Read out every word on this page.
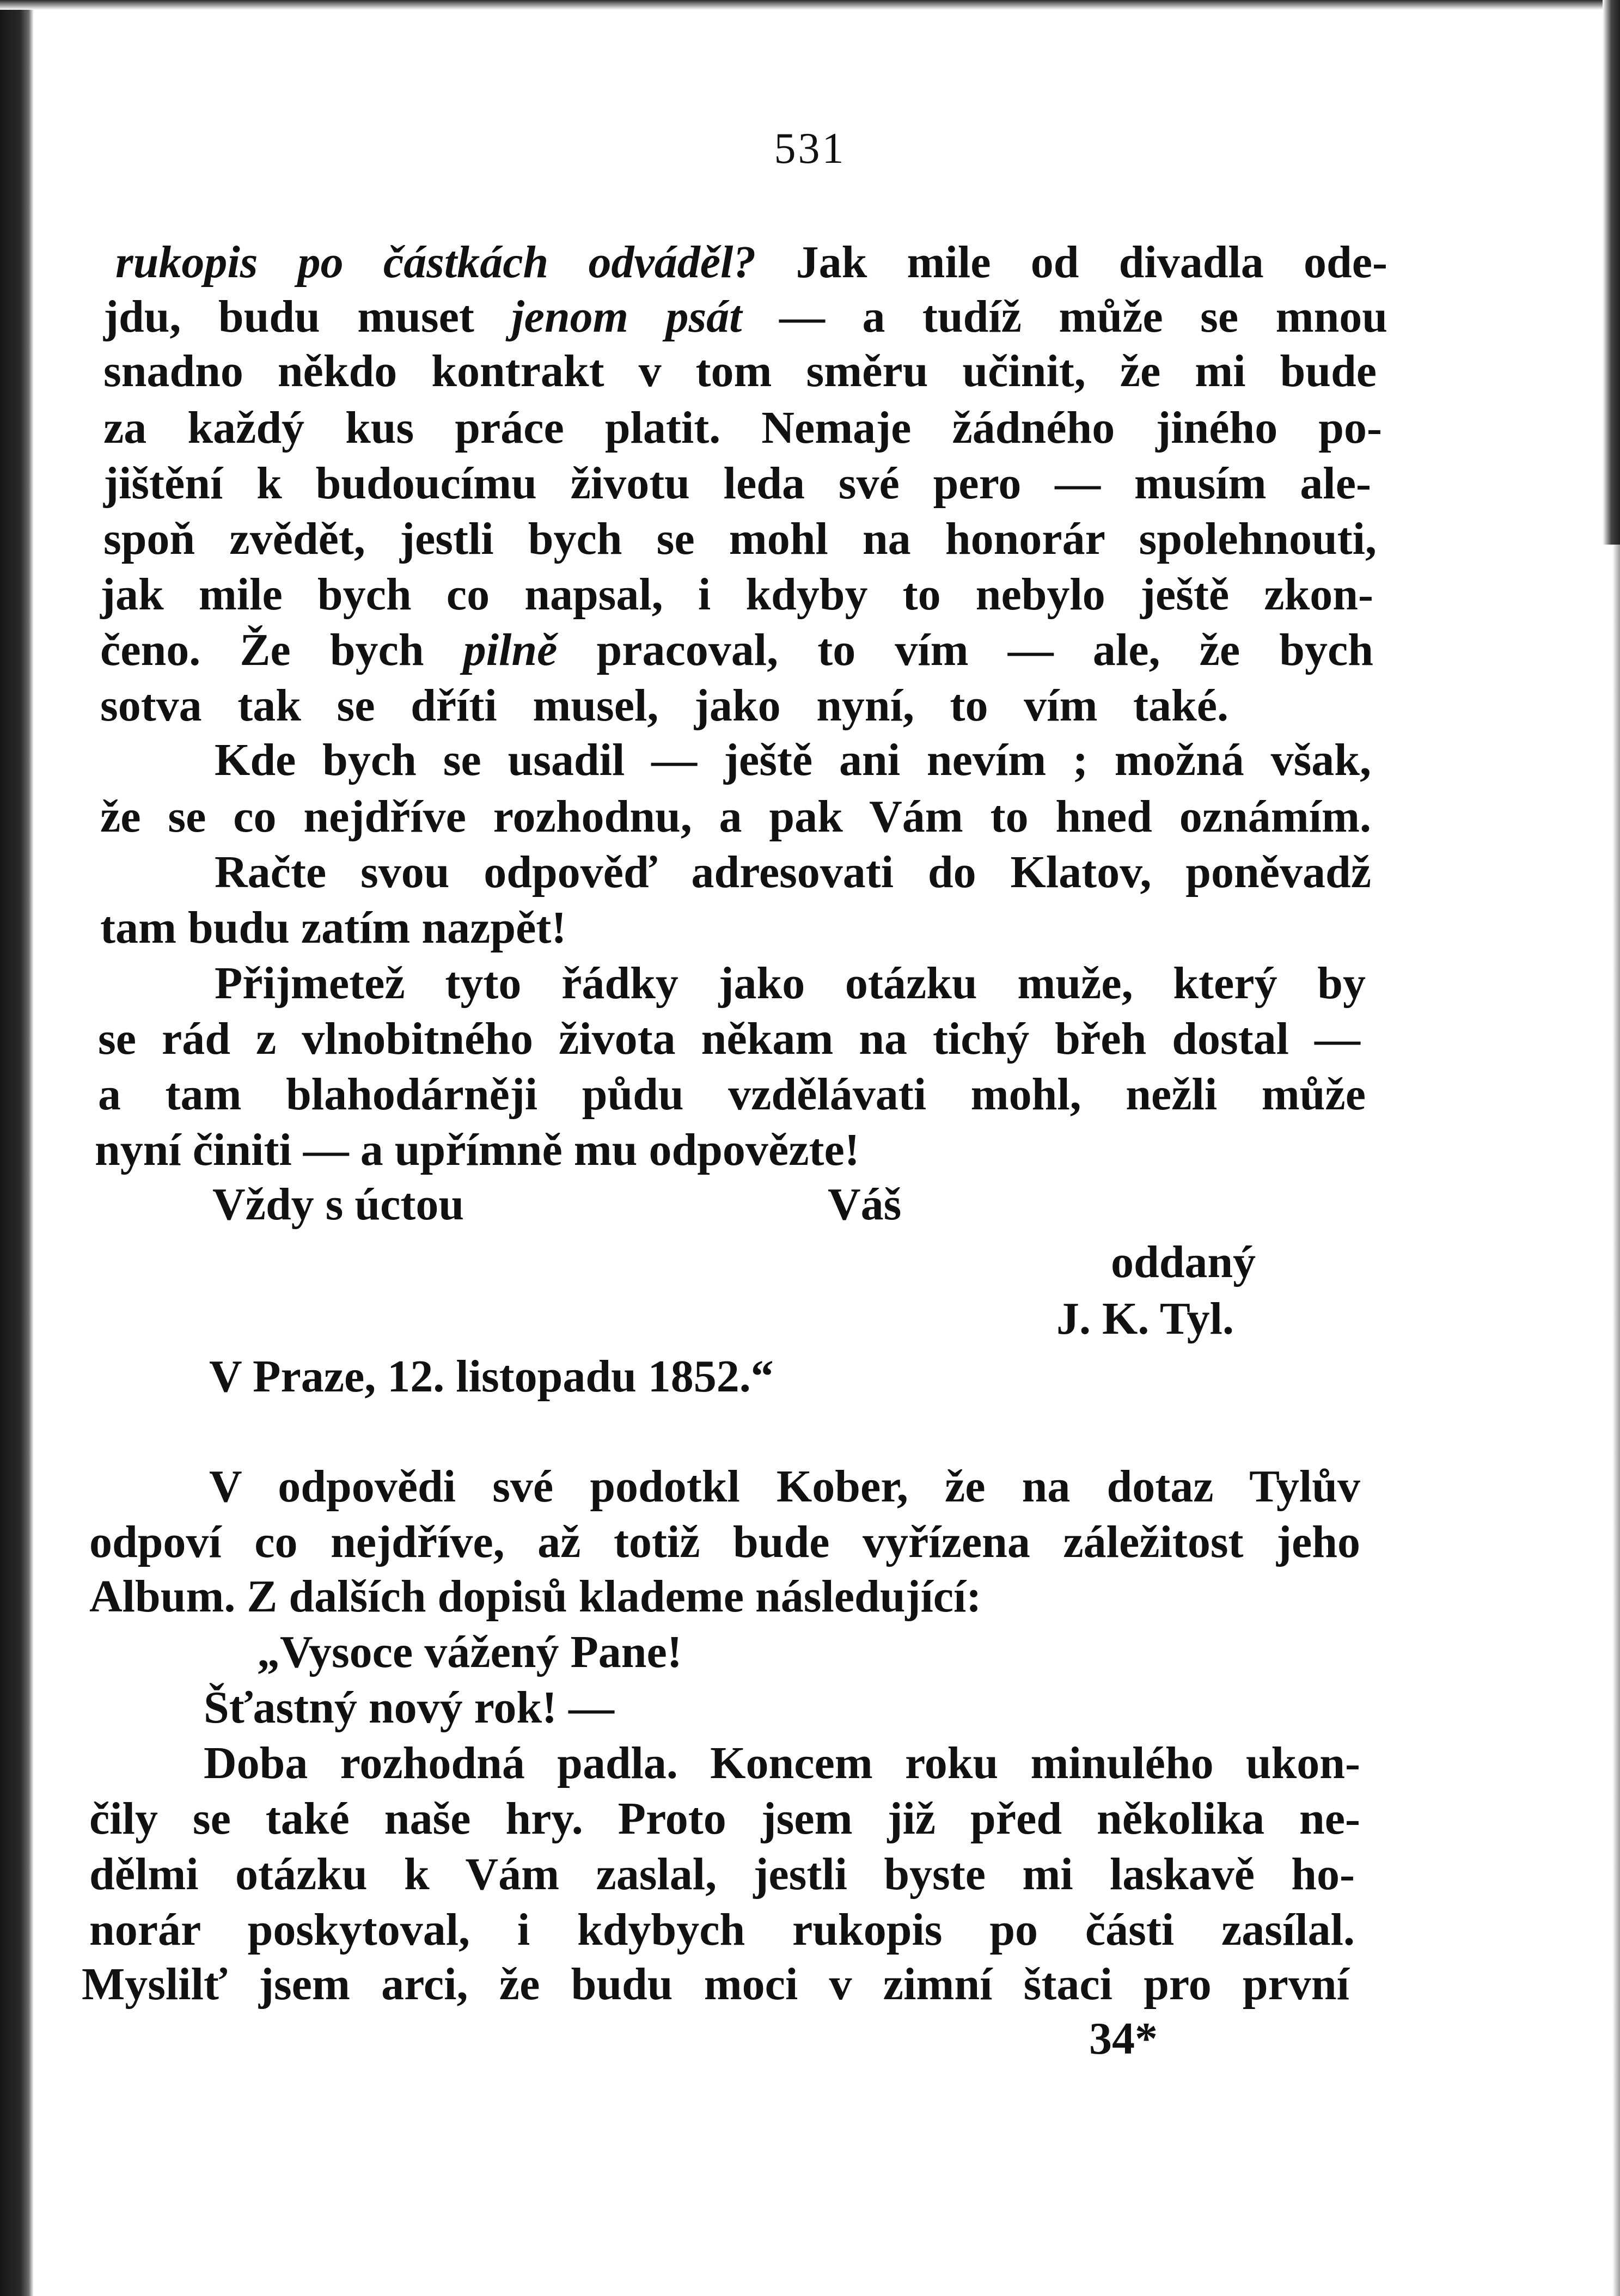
531
rukopis po částkách odváděl? Jak mile od divadla ode-
jdu, budu muset jenom psát — a tudíž může se mnou
snadno někdo kontrakt v tom směru učinit, že mi bude
za každý kus práce platit. Nemaje žádného jiného po-
jištění k budoucímu životu leda své pero — musím ale-
spoň zvědět, jestli bych se mohl na honorár spolehnouti,
jak mile bych co napsal, i kdyby to nebylo ještě zkon-
čeno. Že bych pilně pracoval, to vím — ale, že bych
sotva tak se dříti musel, jako nyní, to vím také.
Kde bych se usadil — ještě ani nevím ; možná však,
že se co nejdříve rozhodnu, a pak Vám to hned oznámím.
Račte svou odpověď adresovati do Klatov, poněvadž
tam budu zatím nazpět!
Přijmetež tyto řádky jako otázku muže, který by
se rád z vlnobitného života někam na tichý břeh dostal —
a tam blahodárněji půdu vzdělávati mohl, nežli může
nyní činiti — a upřímně mu odpovězte!
Vždy s úctou	Váš
oddaný
J. K. Tyl.
V Praze, 12. listopadu 1852.“
V odpovědi své podotkl Kober, že na dotaz Tylův
odpoví co nejdříve, až totiž bude vyřízena záležitost jeho
Album. Z dalších dopisů klademe následující:
„Vysoce vážený Pane!
Šťastný nový rok! —
Doba rozhodná padla. Koncem roku minulého ukon-
čily se také naše hry. Proto jsem již před několika ne-
dělmi otázku k Vám zaslal, jestli byste mi laskavě ho-
norár poskytoval, i kdybych rukopis po části zasílal.
Myslilť jsem arci, že budu moci v zimní štaci pro první
34*
